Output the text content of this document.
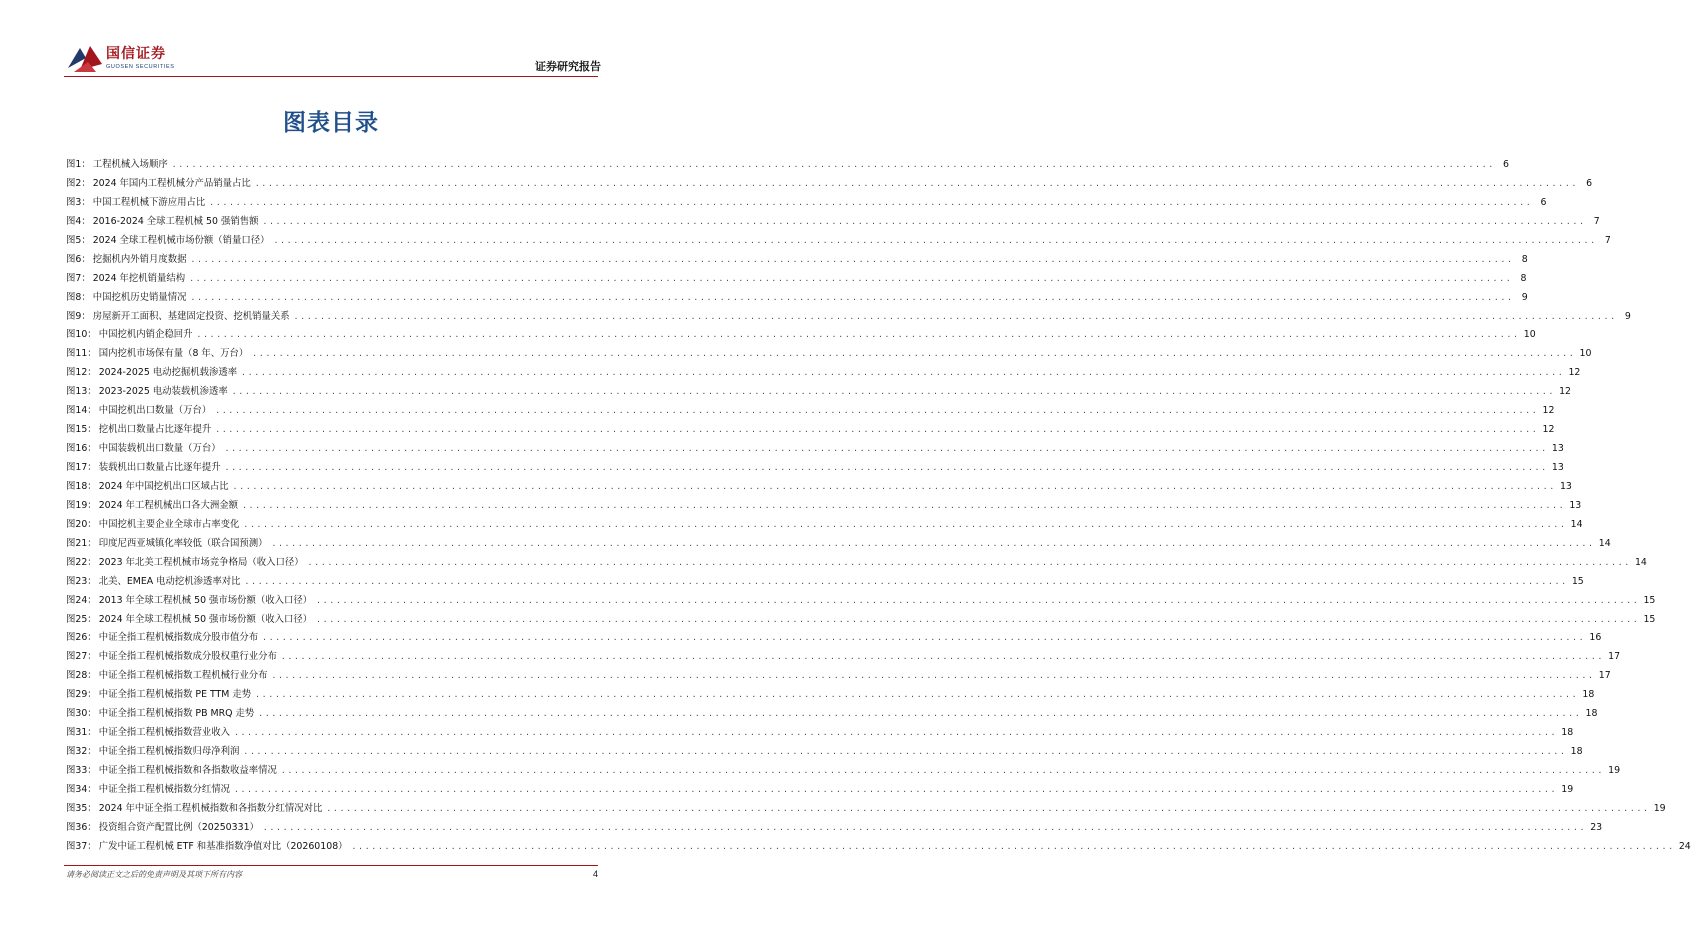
国信证券
GUOSEN SECURITIES	证券研究报告
图表目录
图1： 工程机械入场顺序 ........................................................................................................................................................................................................ 6
图2： 2024 年国内工程机械分产品销量占比 ........................................................................................................................................................................................................ 6
图3： 中国工程机械下游应用占比 ........................................................................................................................................................................................................ 6
图4： 2016-2024 全球工程机械 50 强销售额 ........................................................................................................................................................................................................ 7
图5： 2024 全球工程机械市场份额（销量口径） ........................................................................................................................................................................................................ 7
图6： 挖掘机内外销月度数据 ........................................................................................................................................................................................................ 8
图7： 2024 年挖机销量结构 ........................................................................................................................................................................................................ 8
图8： 中国挖机历史销量情况 ........................................................................................................................................................................................................ 9
图9： 房屋新开工面积、基建固定投资、挖机销量关系 ........................................................................................................................................................................................................ 9
图10： 中国挖机内销企稳回升 ........................................................................................................................................................................................................ 10
图11： 国内挖机市场保有量（8 年、万台） ........................................................................................................................................................................................................ 10
图12： 2024-2025 电动挖掘机载渗透率 ........................................................................................................................................................................................................ 12
图13： 2023-2025 电动装载机渗透率 ........................................................................................................................................................................................................ 12
图14： 中国挖机出口数量（万台） ........................................................................................................................................................................................................ 12
图15： 挖机出口数量占比逐年提升 ........................................................................................................................................................................................................ 12
图16： 中国装载机出口数量（万台） ........................................................................................................................................................................................................ 13
图17： 装载机出口数量占比逐年提升 ........................................................................................................................................................................................................ 13
图18： 2024 年中国挖机出口区域占比 ........................................................................................................................................................................................................ 13
图19： 2024 年工程机械出口各大洲金额 ........................................................................................................................................................................................................ 13
图20： 中国挖机主要企业全球市占率变化 ........................................................................................................................................................................................................ 14
图21： 印度尼西亚城镇化率较低（联合国预测） ........................................................................................................................................................................................................ 14
图22： 2023 年北美工程机械市场竞争格局（收入口径） ........................................................................................................................................................................................................ 14
图23： 北美、EMEA 电动挖机渗透率对比 ........................................................................................................................................................................................................ 15
图24： 2013 年全球工程机械 50 强市场份额（收入口径） ........................................................................................................................................................................................................ 15
图25： 2024 年全球工程机械 50 强市场份额（收入口径） ........................................................................................................................................................................................................ 15
图26： 中证全指工程机械指数成分股市值分布 ........................................................................................................................................................................................................ 16
图27： 中证全指工程机械指数成分股权重行业分布 ........................................................................................................................................................................................................ 17
图28： 中证全指工程机械指数工程机械行业分布 ........................................................................................................................................................................................................ 17
图29： 中证全指工程机械指数 PE TTM 走势 ........................................................................................................................................................................................................ 18
图30： 中证全指工程机械指数 PB MRQ 走势 ........................................................................................................................................................................................................ 18
图31： 中证全指工程机械指数营业收入 ........................................................................................................................................................................................................ 18
图32： 中证全指工程机械指数归母净利润 ........................................................................................................................................................................................................ 18
图33： 中证全指工程机械指数和各指数收益率情况 ........................................................................................................................................................................................................ 19
图34： 中证全指工程机械指数分红情况 ........................................................................................................................................................................................................ 19
图35： 2024 年中证全指工程机械指数和各指数分红情况对比 ........................................................................................................................................................................................................ 19
图36： 投资组合资产配置比例（20250331） ........................................................................................................................................................................................................ 23
图37： 广发中证工程机械 ETF 和基准指数净值对比（20260108） ........................................................................................................................................................................................................ 24
请务必阅读正文之后的免责声明及其项下所有内容	4
